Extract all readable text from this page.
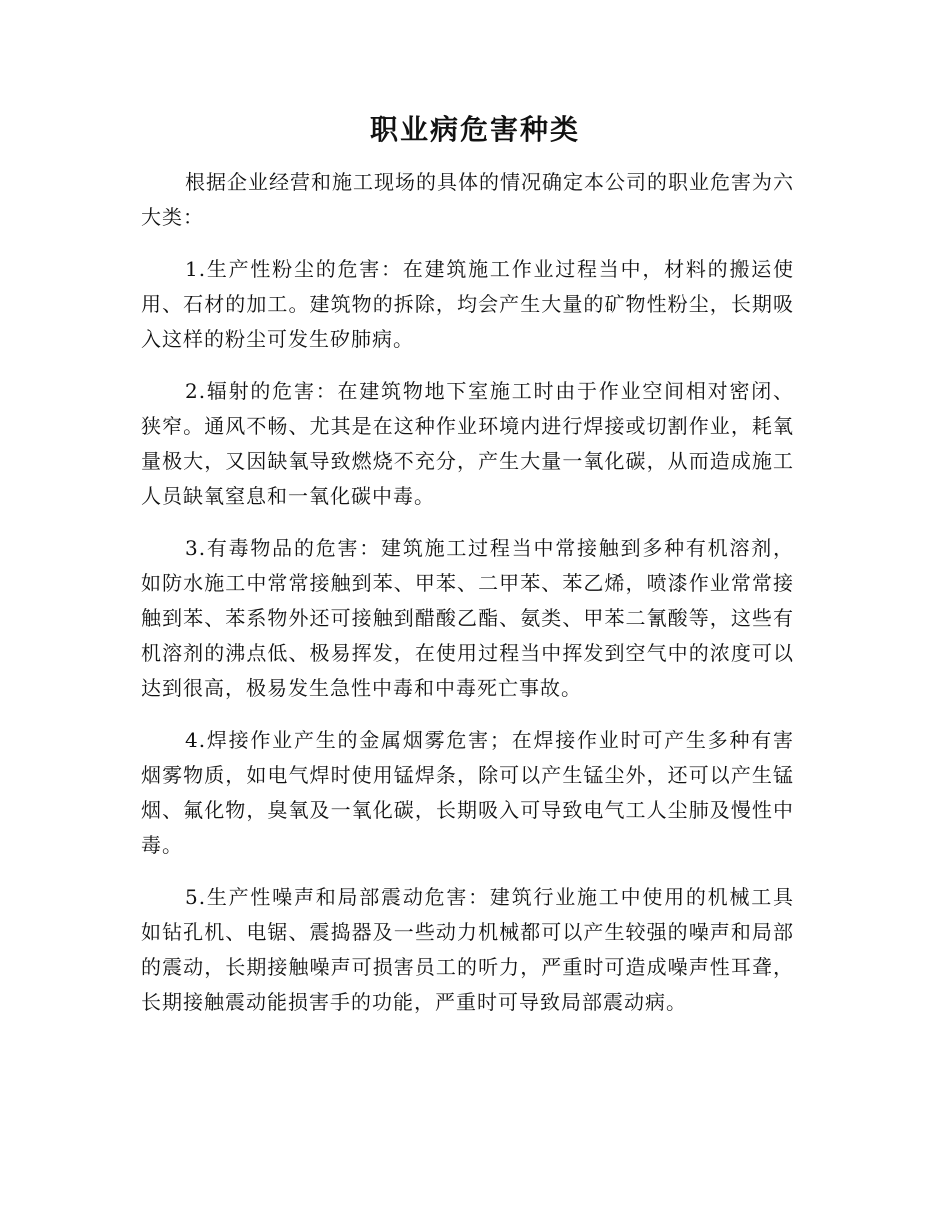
职业病危害种类

根据企业经营和施工现场的具体的情况确定本公司的职业危害为六大类：

1.生产性粉尘的危害：在建筑施工作业过程当中，材料的搬运使用、石材的加工。建筑物的拆除，均会产生大量的矿物性粉尘，长期吸入这样的粉尘可发生矽肺病。

2.辐射的危害：在建筑物地下室施工时由于作业空间相对密闭、狭窄。通风不畅、尤其是在这种作业环境内进行焊接或切割作业，耗氧量极大，又因缺氧导致燃烧不充分，产生大量一氧化碳，从而造成施工人员缺氧窒息和一氧化碳中毒。

3.有毒物品的危害：建筑施工过程当中常接触到多种有机溶剂，如防水施工中常常接触到苯、甲苯、二甲苯、苯乙烯，喷漆作业常常接触到苯、苯系物外还可接触到醋酸乙酯、氨类、甲苯二氰酸等，这些有机溶剂的沸点低、极易挥发，在使用过程当中挥发到空气中的浓度可以达到很高，极易发生急性中毒和中毒死亡事故。

4.焊接作业产生的金属烟雾危害；在焊接作业时可产生多种有害烟雾物质，如电气焊时使用锰焊条，除可以产生锰尘外，还可以产生锰烟、氟化物，臭氧及一氧化碳，长期吸入可导致电气工人尘肺及慢性中毒。

5.生产性噪声和局部震动危害：建筑行业施工中使用的机械工具如钻孔机、电锯、震捣器及一些动力机械都可以产生较强的噪声和局部的震动，长期接触噪声可损害员工的听力，严重时可造成噪声性耳聋，长期接触震动能损害手的功能，严重时可导致局部震动病。
